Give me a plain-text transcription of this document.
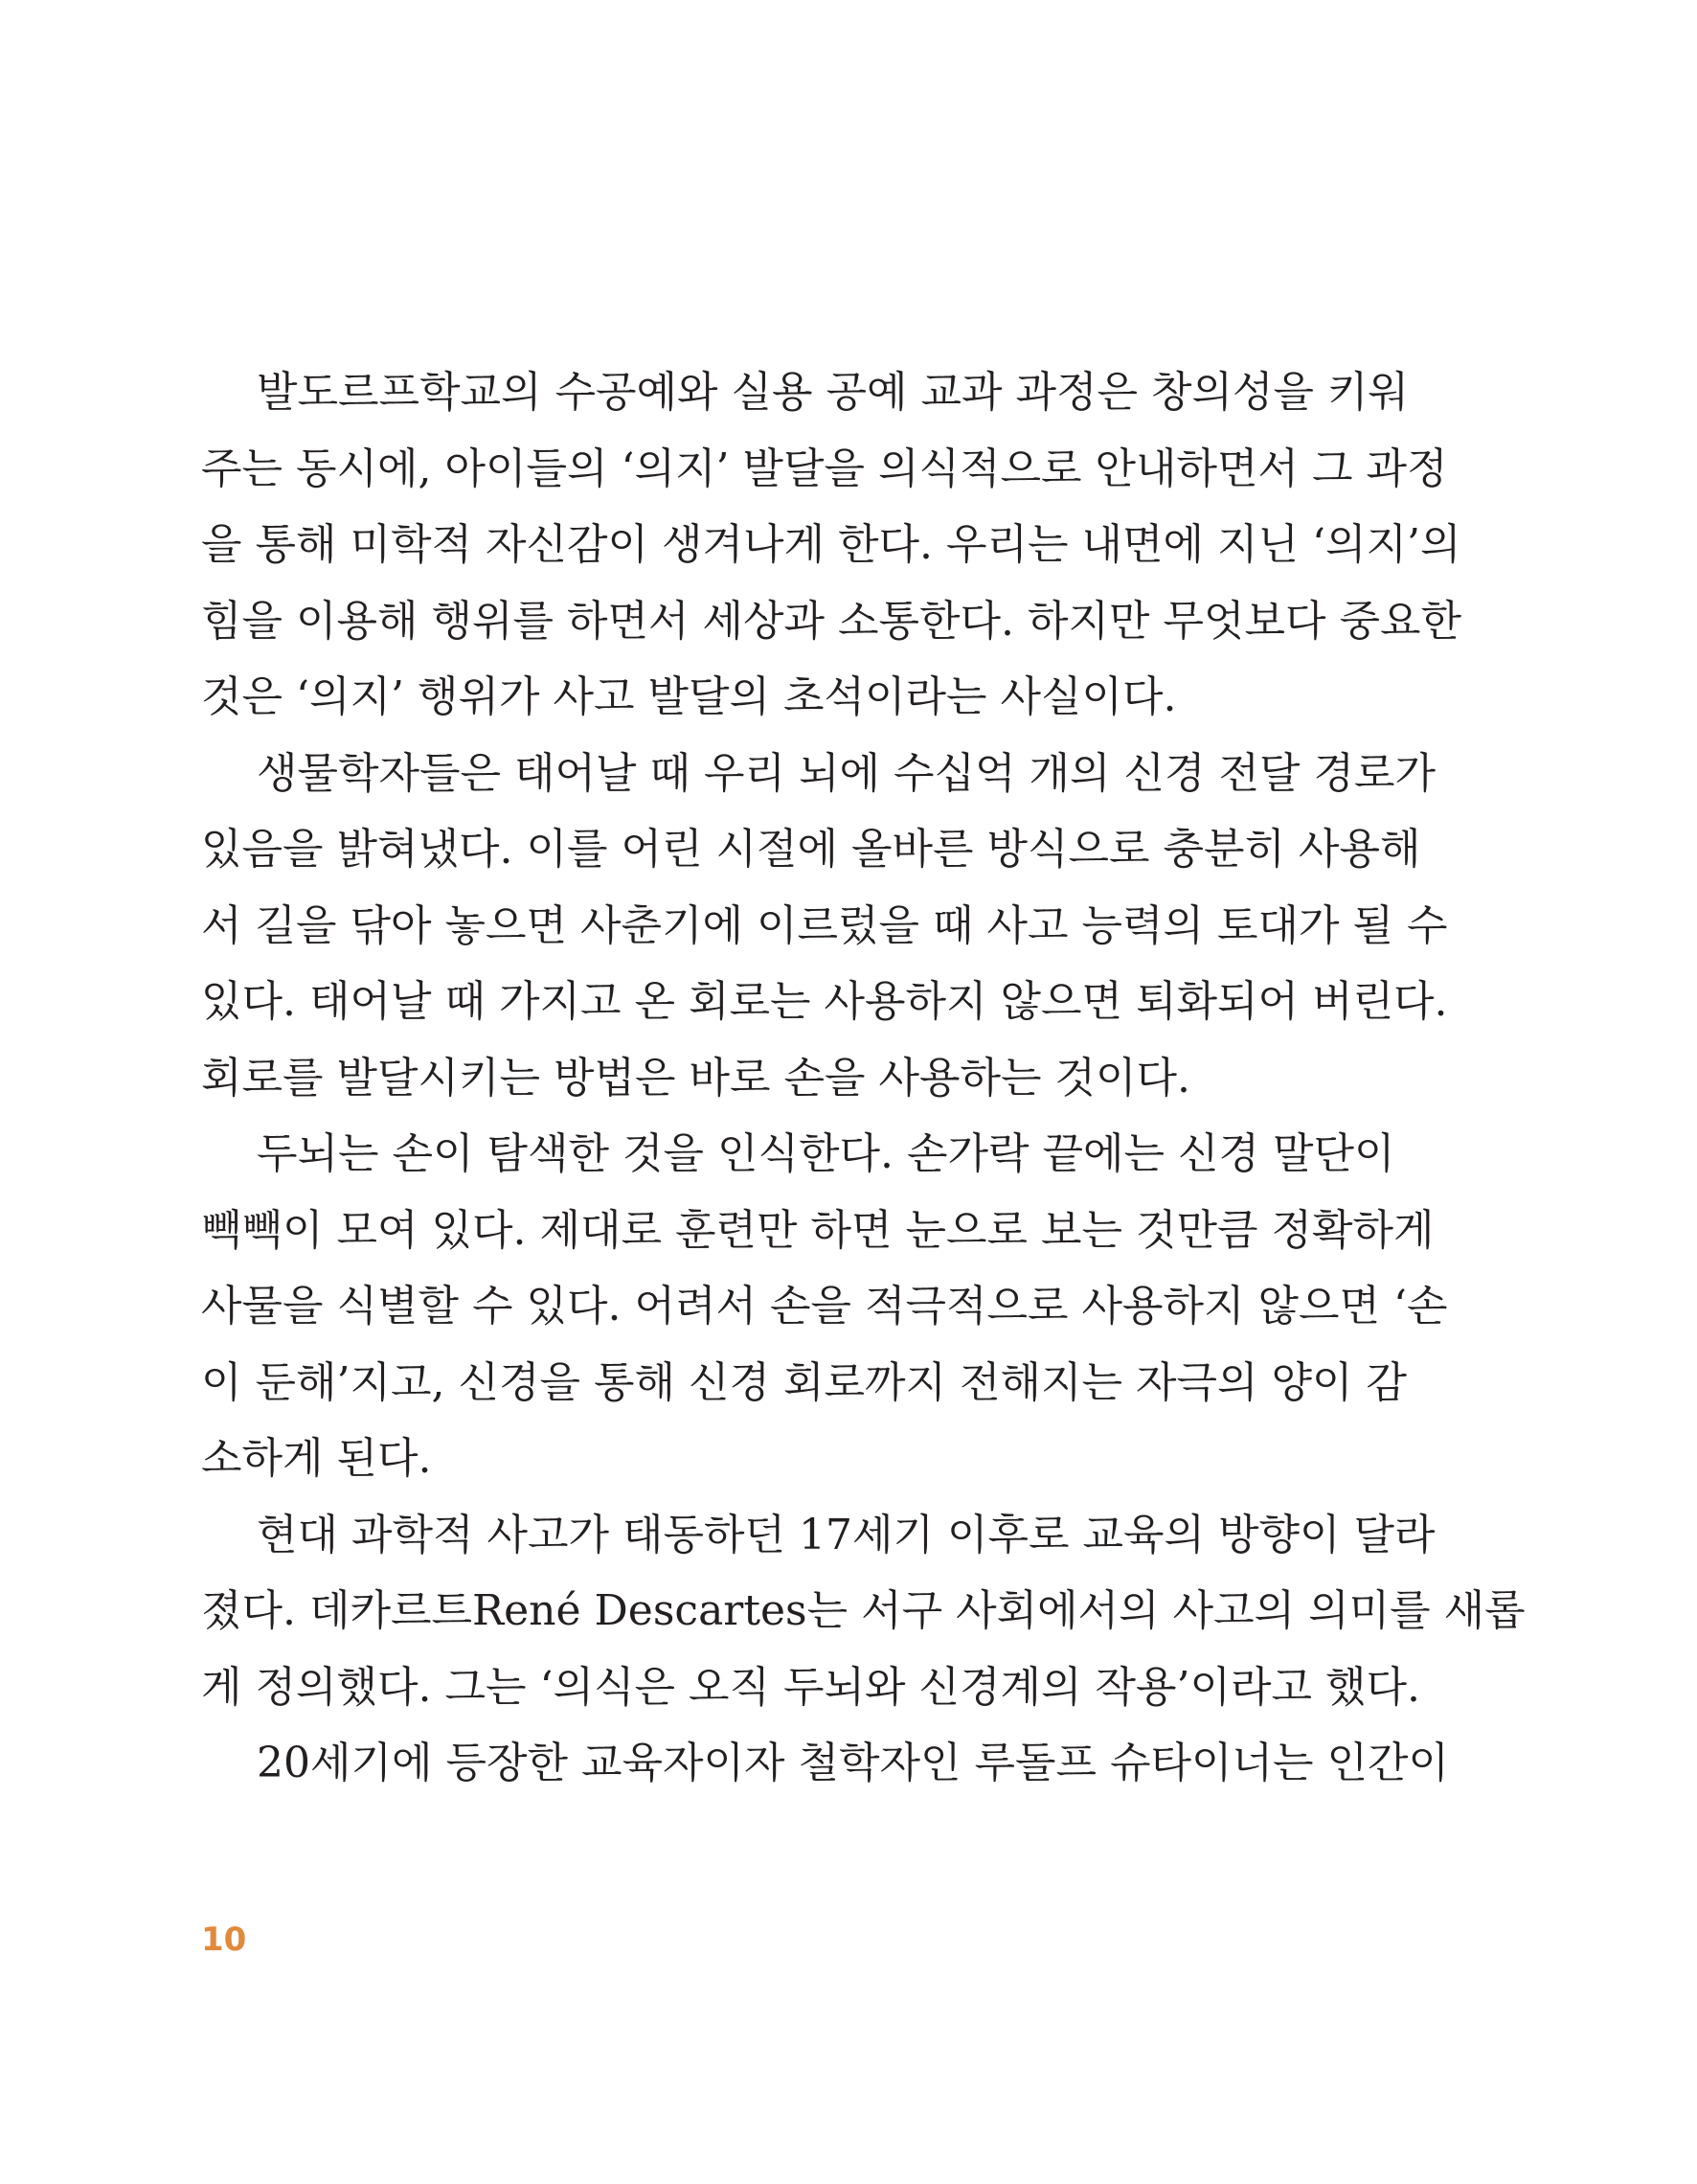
발도르프학교의 수공예와 실용 공예 교과 과정은 창의성을 키워
주는 동시에, 아이들의 ‘의지’ 발달을 의식적으로 안내하면서 그 과정
을 통해 미학적 자신감이 생겨나게 한다. 우리는 내면에 지닌 ‘의지’의
힘을 이용해 행위를 하면서 세상과 소통한다. 하지만 무엇보다 중요한
것은 ‘의지’ 행위가 사고 발달의 초석이라는 사실이다.
생물학자들은 태어날 때 우리 뇌에 수십억 개의 신경 전달 경로가
있음을 밝혀냈다. 이를 어린 시절에 올바른 방식으로 충분히 사용해
서 길을 닦아 놓으면 사춘기에 이르렀을 때 사고 능력의 토대가 될 수
있다. 태어날 때 가지고 온 회로는 사용하지 않으면 퇴화되어 버린다.
회로를 발달시키는 방법은 바로 손을 사용하는 것이다.
두뇌는 손이 탐색한 것을 인식한다. 손가락 끝에는 신경 말단이
빽빽이 모여 있다. 제대로 훈련만 하면 눈으로 보는 것만큼 정확하게
사물을 식별할 수 있다. 어려서 손을 적극적으로 사용하지 않으면 ‘손
이 둔해’지고, 신경을 통해 신경 회로까지 전해지는 자극의 양이 감
소하게 된다.
현대 과학적 사고가 태동하던 17세기 이후로 교육의 방향이 달라
졌다. 데카르트René Descartes는 서구 사회에서의 사고의 의미를 새롭
게 정의했다. 그는 ‘의식은 오직 두뇌와 신경계의 작용’이라고 했다.
20세기에 등장한 교육자이자 철학자인 루돌프 슈타이너는 인간이
10
